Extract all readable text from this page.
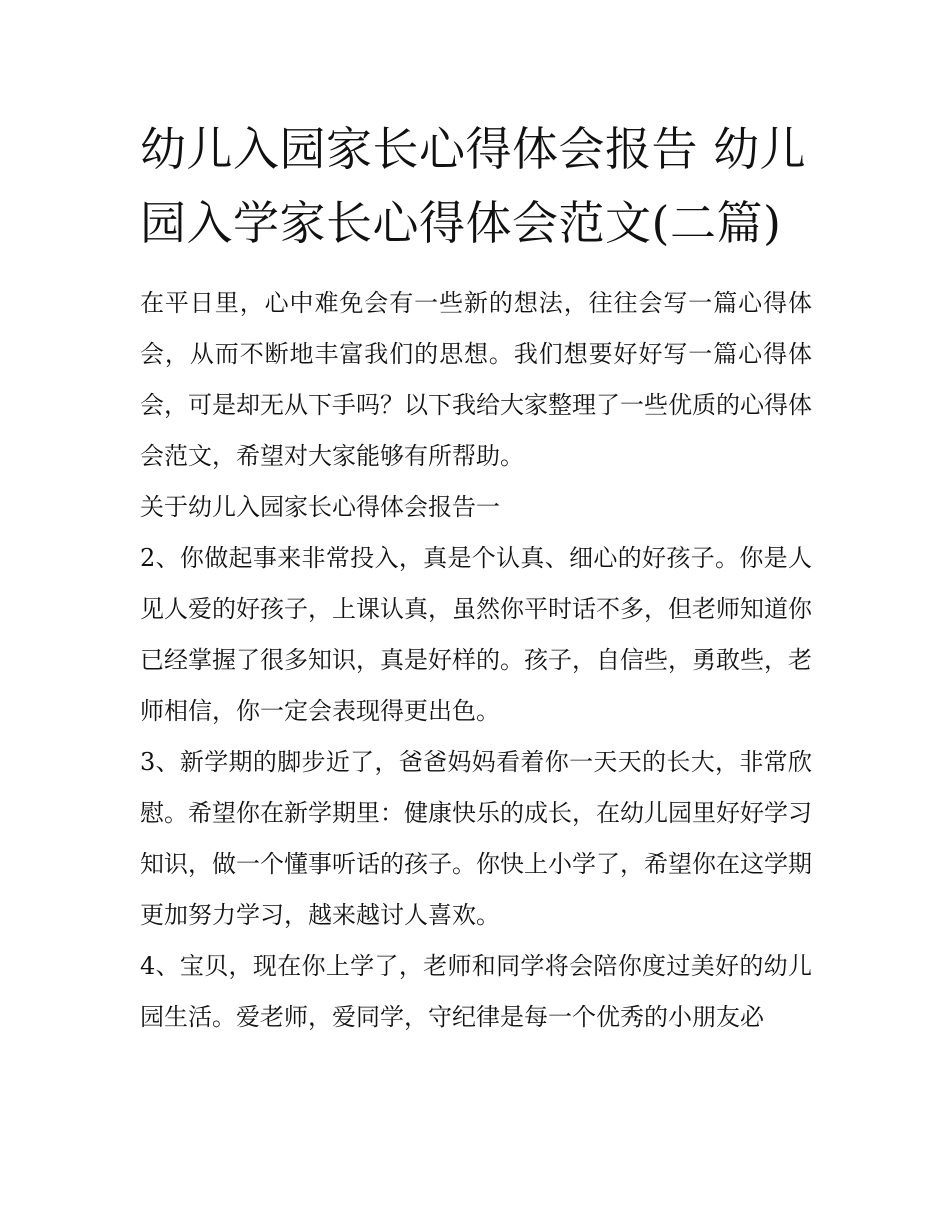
幼儿入园家长心得体会报告 幼儿园入学家长心得体会范文(二篇)

在平日里，心中难免会有一些新的想法，往往会写一篇心得体会，从而不断地丰富我们的思想。我们想要好好写一篇心得体会，可是却无从下手吗？以下我给大家整理了一些优质的心得体会范文，希望对大家能够有所帮助。

关于幼儿入园家长心得体会报告一

2、你做起事来非常投入，真是个认真、细心的好孩子。你是人见人爱的好孩子，上课认真，虽然你平时话不多，但老师知道你已经掌握了很多知识，真是好样的。孩子，自信些，勇敢些，老师相信，你一定会表现得更出色。

3、新学期的脚步近了，爸爸妈妈看着你一天天的长大，非常欣慰。希望你在新学期里：健康快乐的成长，在幼儿园里好好学习知识，做一个懂事听话的孩子。你快上小学了，希望你在这学期更加努力学习，越来越讨人喜欢。

4、宝贝，现在你上学了，老师和同学将会陪你度过美好的幼儿园生活。爱老师，爱同学，守纪律是每一个优秀的小朋友必
